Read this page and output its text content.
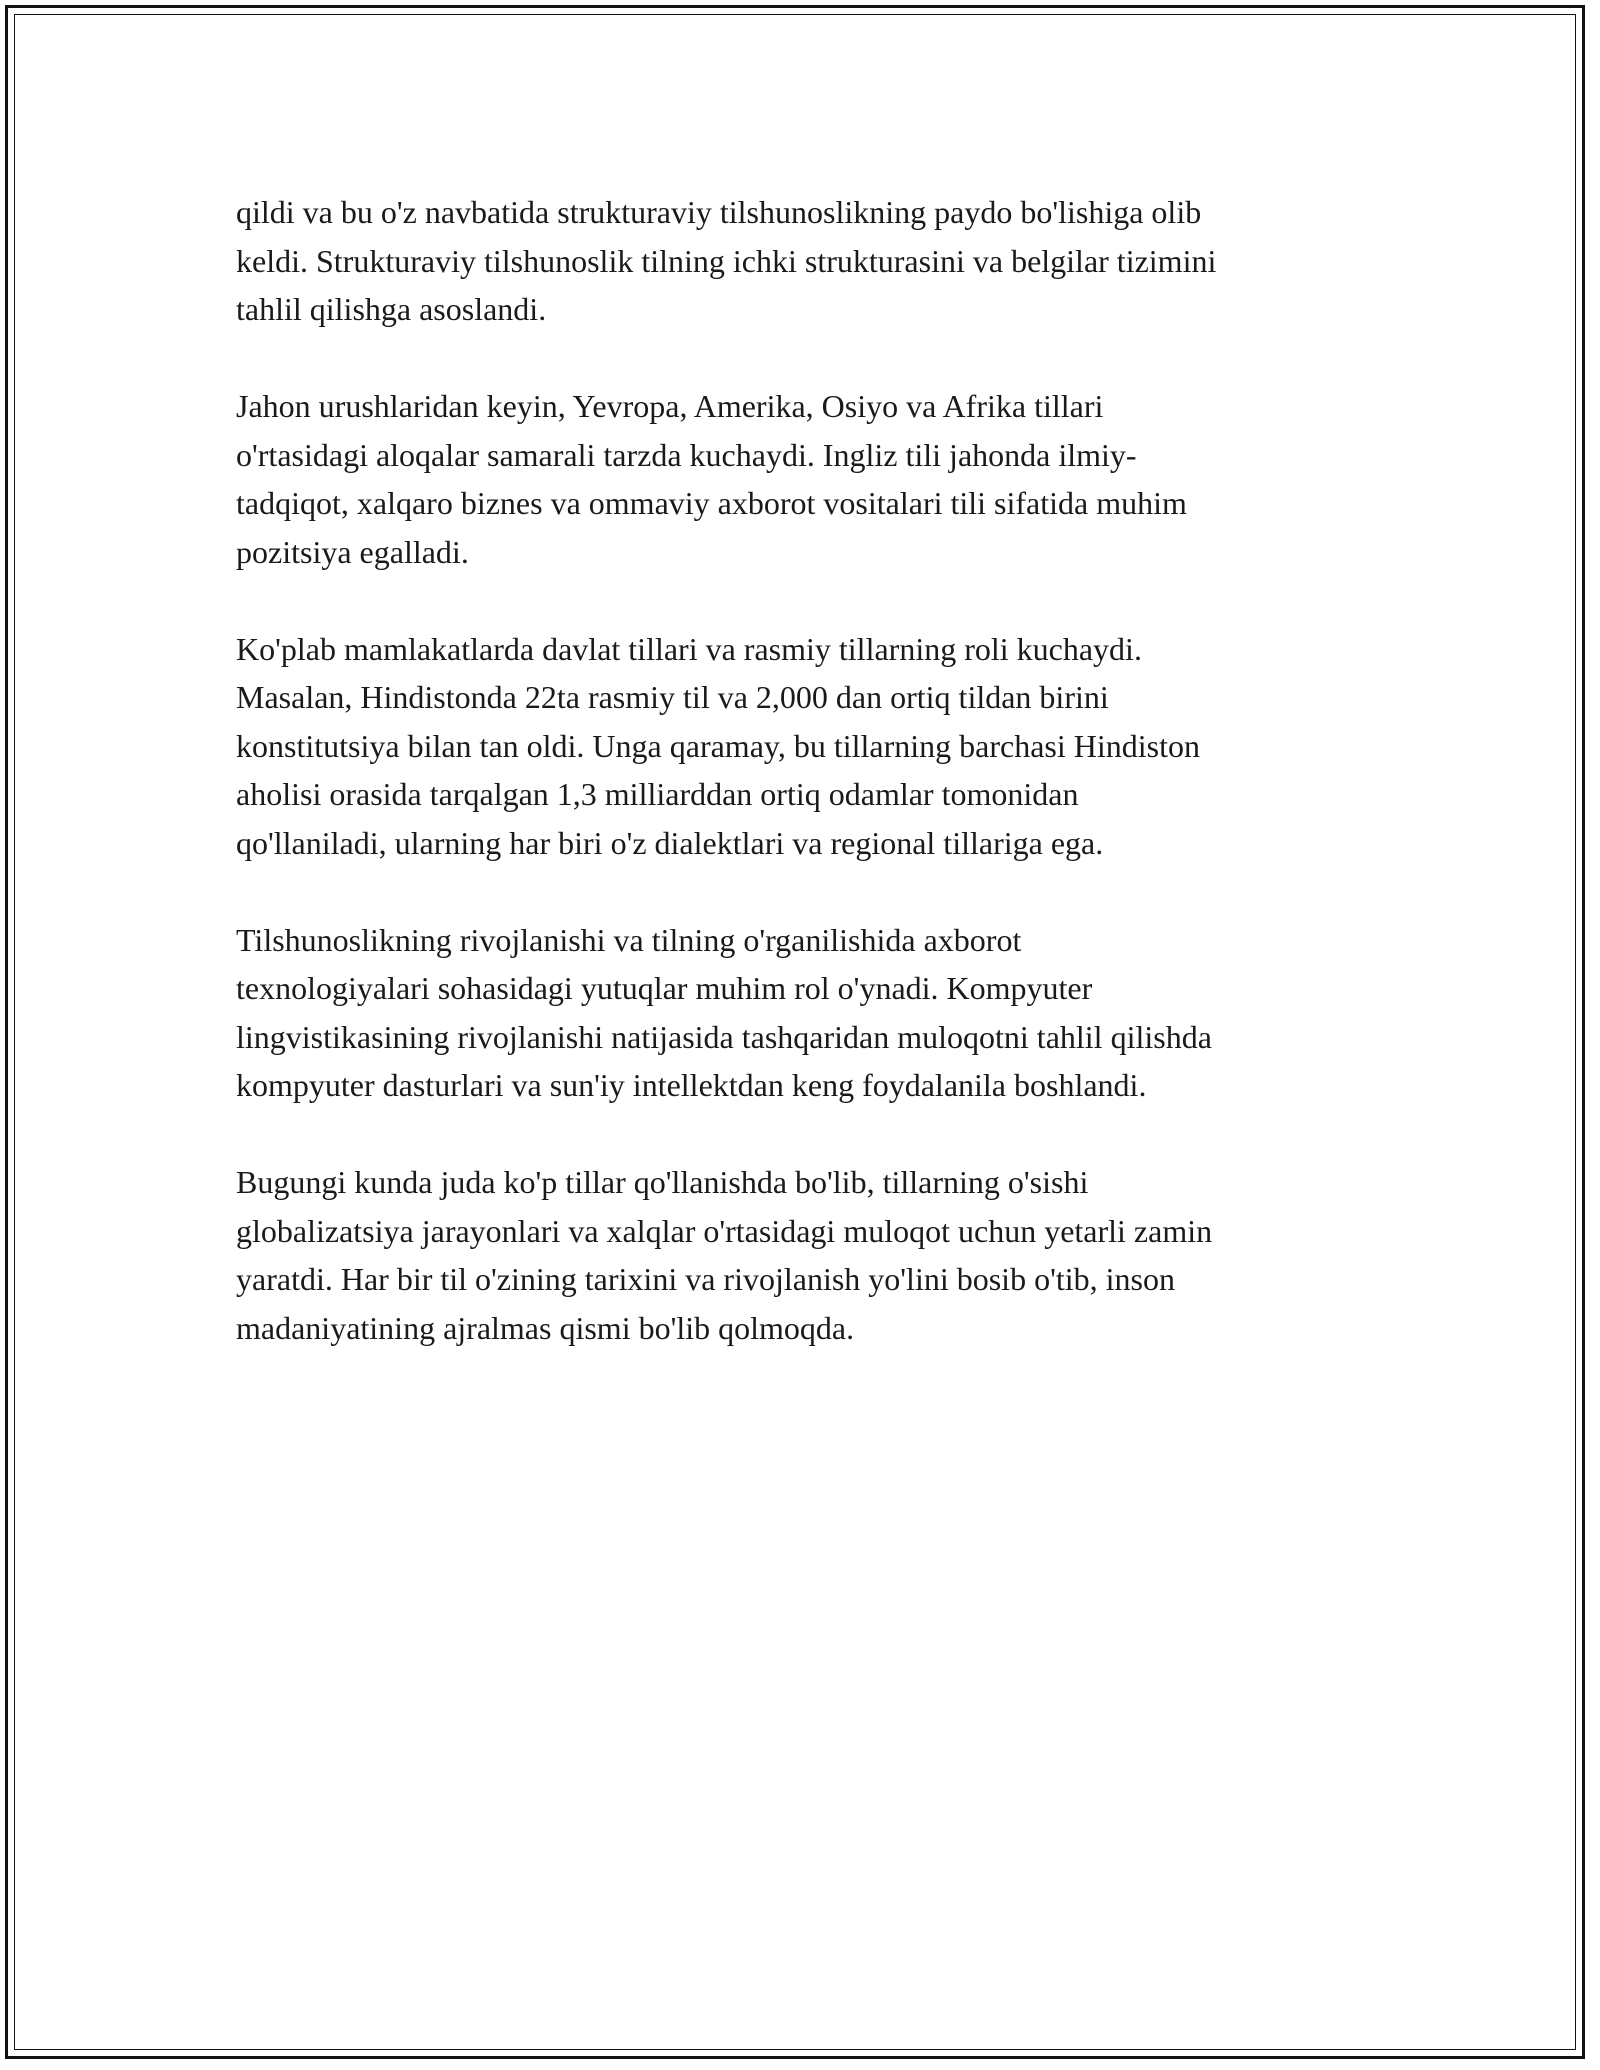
qildi va bu o'z navbatida strukturaviy tilshunoslikning paydo bo'lishiga olib
keldi. Strukturaviy tilshunoslik tilning ichki strukturasini va belgilar tizimini
tahlil qilishga asoslandi.

Jahon urushlaridan keyin, Yevropa, Amerika, Osiyo va Afrika tillari
o'rtasidagi aloqalar samarali tarzda kuchaydi. Ingliz tili jahonda ilmiy-
tadqiqot, xalqaro biznes va ommaviy axborot vositalari tili sifatida muhim
pozitsiya egalladi.

Ko'plab mamlakatlarda davlat tillari va rasmiy tillarning roli kuchaydi.
Masalan, Hindistonda 22ta rasmiy til va 2,000 dan ortiq tildan birini
konstitutsiya bilan tan oldi. Unga qaramay, bu tillarning barchasi Hindiston
aholisi orasida tarqalgan 1,3 milliarddan ortiq odamlar tomonidan
qo'llaniladi, ularning har biri o'z dialektlari va regional tillariga ega.

Tilshunoslikning rivojlanishi va tilning o'rganilishida axborot
texnologiyalari sohasidagi yutuqlar muhim rol o'ynadi. Kompyuter
lingvistikasining rivojlanishi natijasida tashqaridan muloqotni tahlil qilishda
kompyuter dasturlari va sun'iy intellektdan keng foydalanila boshlandi.

Bugungi kunda juda ko'p tillar qo'llanishda bo'lib, tillarning o'sishi
globalizatsiya jarayonlari va xalqlar o'rtasidagi muloqot uchun yetarli zamin
yaratdi. Har bir til o'zining tarixini va rivojlanish yo'lini bosib o'tib, inson
madaniyatining ajralmas qismi bo'lib qolmoqda.
